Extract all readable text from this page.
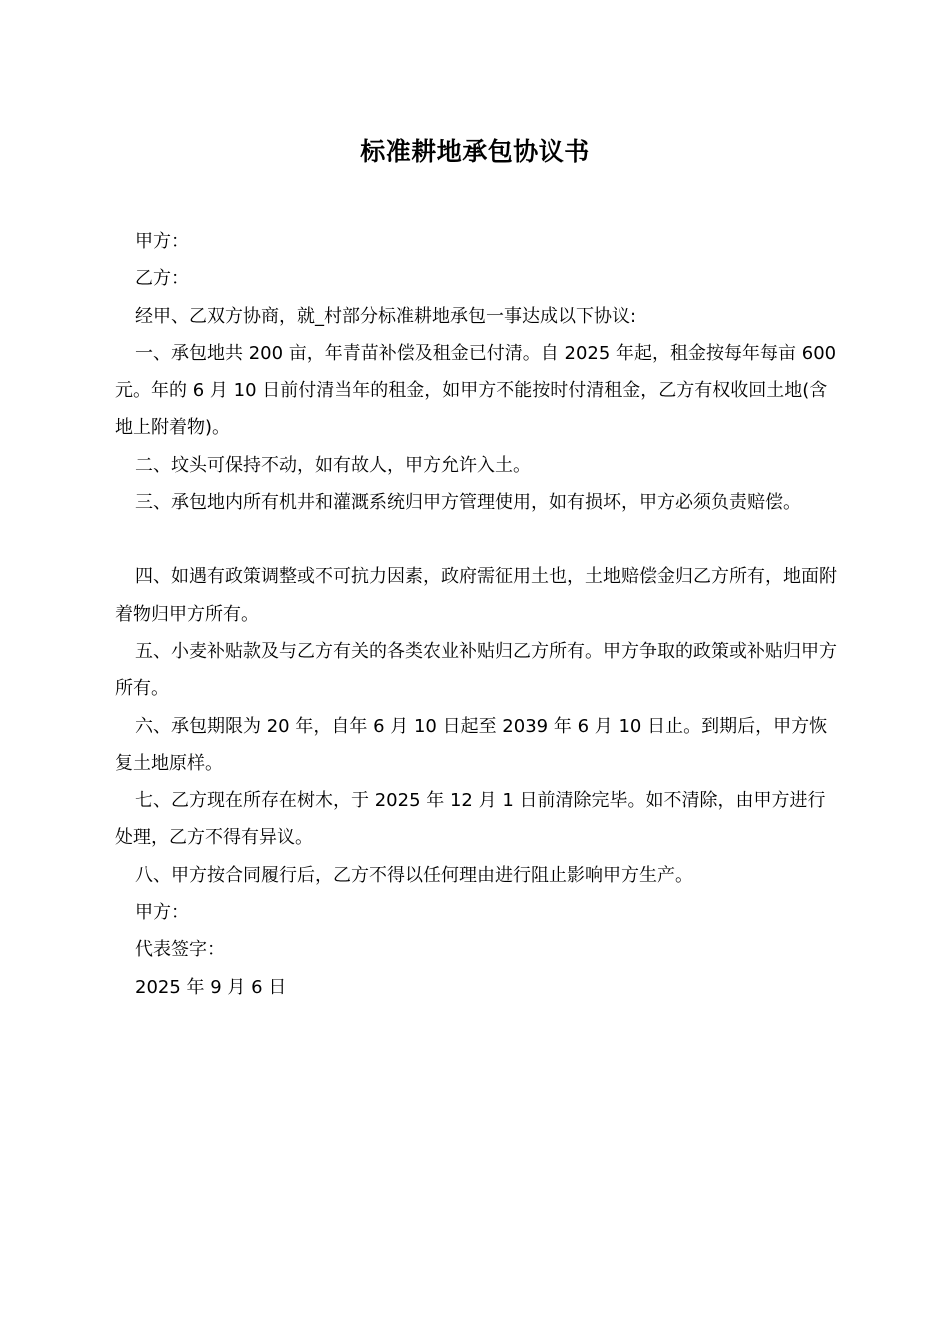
标准耕地承包协议书

甲方：

乙方：

经甲、乙双方协商，就_村部分标准耕地承包一事达成以下协议:

一、承包地共 200 亩，年青苗补偿及租金已付清。自 2025 年起，租金按每年每亩 600 元。年的 6 月 10 日前付清当年的租金，如甲方不能按时付清租金，乙方有权收回土地(含地上附着物)。

二、坟头可保持不动，如有故人，甲方允许入土。

三、承包地内所有机井和灌溉系统归甲方管理使用，如有损坏，甲方必须负责赔偿。

四、如遇有政策调整或不可抗力因素，政府需征用土也，土地赔偿金归乙方所有，地面附着物归甲方所有。

五、小麦补贴款及与乙方有关的各类农业补贴归乙方所有。甲方争取的政策或补贴归甲方所有。

六、承包期限为 20 年，自年 6 月 10 日起至 2039 年 6 月 10 日止。到期后，甲方恢复土地原样。

七、乙方现在所存在树木，于 2025 年 12 月 1 日前清除完毕。如不清除，由甲方进行处理，乙方不得有异议。

八、甲方按合同履行后，乙方不得以任何理由进行阻止影响甲方生产。

甲方：

代表签字：

2025 年 9 月 6 日
